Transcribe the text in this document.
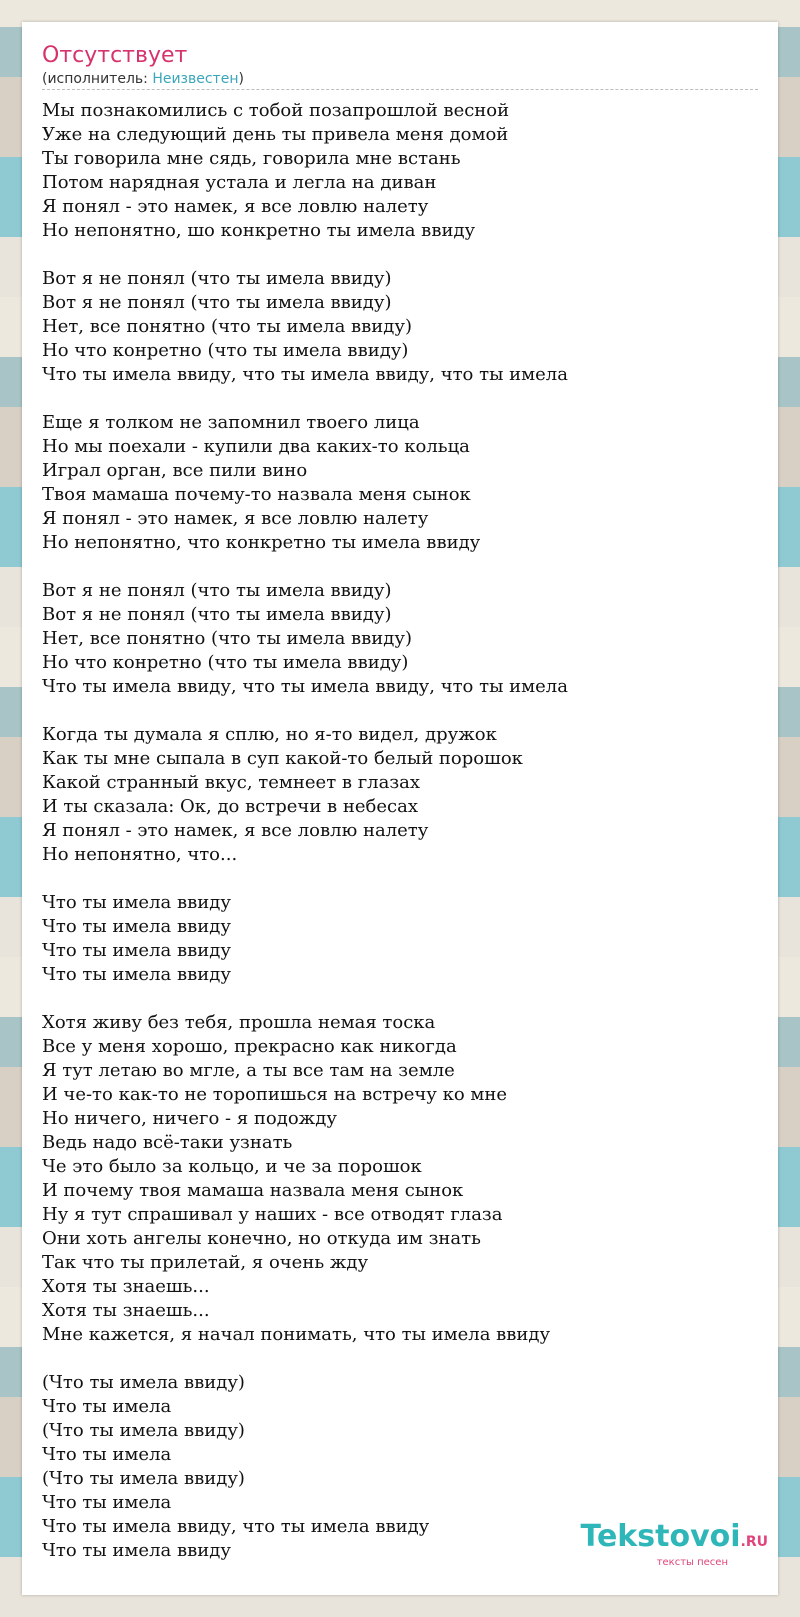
Отсутствует
(исполнитель: Неизвестен)
Мы познакомились с тобой позапрошлой весной
Уже на следующий день ты привела меня домой
Ты говорила мне сядь, говорила мне встань
Потом нарядная устала и легла на диван
Я понял - это намек, я все ловлю налету
Но непонятно, шо конкретно ты имела ввиду
Вот я не понял (что ты имела ввиду)
Вот я не понял (что ты имела ввиду)
Нет, все понятно (что ты имела ввиду)
Но что конретно (что ты имела ввиду)
Что ты имела ввиду, что ты имела ввиду, что ты имела
Еще я толком не запомнил твоего лица
Но мы поехали - купили два каких-то кольца
Играл орган, все пили вино
Твоя мамаша почему-то назвала меня сынок
Я понял - это намек, я все ловлю налету
Но непонятно, что конкретно ты имела ввиду
Вот я не понял (что ты имела ввиду)
Вот я не понял (что ты имела ввиду)
Нет, все понятно (что ты имела ввиду)
Но что конретно (что ты имела ввиду)
Что ты имела ввиду, что ты имела ввиду, что ты имела
Когда ты думала я сплю, но я-то видел, дружок
Как ты мне сыпала в суп какой-то белый порошок
Какой странный вкус, темнеет в глазах
И ты сказала: Ок, до встречи в небесах
Я понял - это намек, я все ловлю налету
Но непонятно, что...
Что ты имела ввиду
Что ты имела ввиду
Что ты имела ввиду
Что ты имела ввиду
Хотя живу без тебя, прошла немая тоска
Все у меня хорошо, прекрасно как никогда
Я тут летаю во мгле, а ты все там на земле
И че-то как-то не торопишься на встречу ко мне
Но ничего, ничего - я подожду
Ведь надо всё-таки узнать
Че это было за кольцо, и че за порошок
И почему твоя мамаша назвала меня сынок
Ну я тут спрашивал у наших - все отводят глаза
Они хоть ангелы конечно, но откуда им знать
Так что ты прилетай, я очень жду
Хотя ты знаешь...
Хотя ты знаешь...
Мне кажется, я начал понимать, что ты имела ввиду
(Что ты имела ввиду)
Что ты имела
(Что ты имела ввиду)
Что ты имела
(Что ты имела ввиду)
Что ты имела
Что ты имела ввиду, что ты имела ввиду
Что ты имела ввиду	Tekstovoi.RU
тексты песен
